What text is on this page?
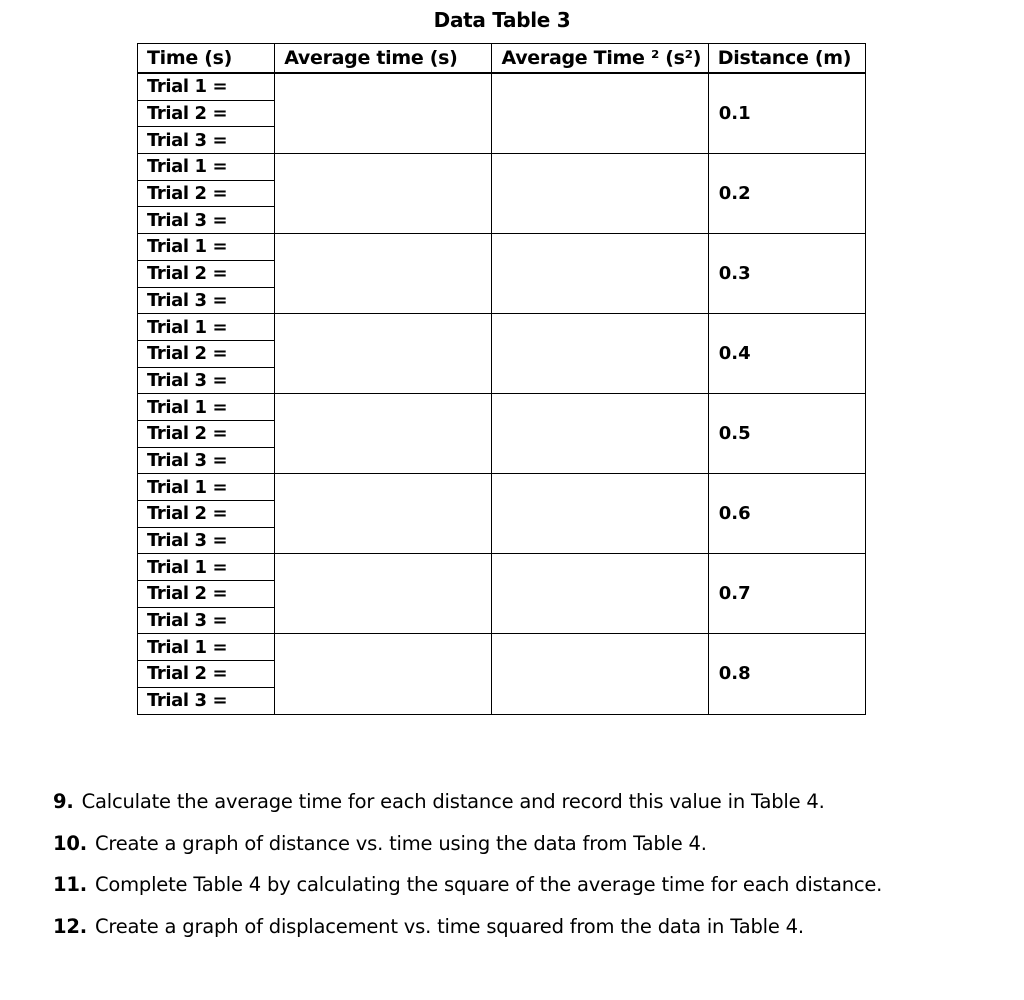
Data Table 3
Time (s)	Average time (s)	Average Time ² (s²)	Distance (m)
Trial 1 =			0.1
Trial 2 =			
Trial 3 =			
Trial 1 =			0.2
Trial 2 =			
Trial 3 =			
Trial 1 =			0.3
Trial 2 =			
Trial 3 =			
Trial 1 =			0.4
Trial 2 =			
Trial 3 =			
Trial 1 =			0.5
Trial 2 =			
Trial 3 =			
Trial 1 =			0.6
Trial 2 =			
Trial 3 =			
Trial 1 =			0.7
Trial 2 =			
Trial 3 =			
Trial 1 =			0.8
Trial 2 =			
Trial 3 =			
9. Calculate the average time for each distance and record this value in Table 4.
10. Create a graph of distance vs. time using the data from Table 4.
11. Complete Table 4 by calculating the square of the average time for each distance.
12. Create a graph of displacement vs. time squared from the data in Table 4.
